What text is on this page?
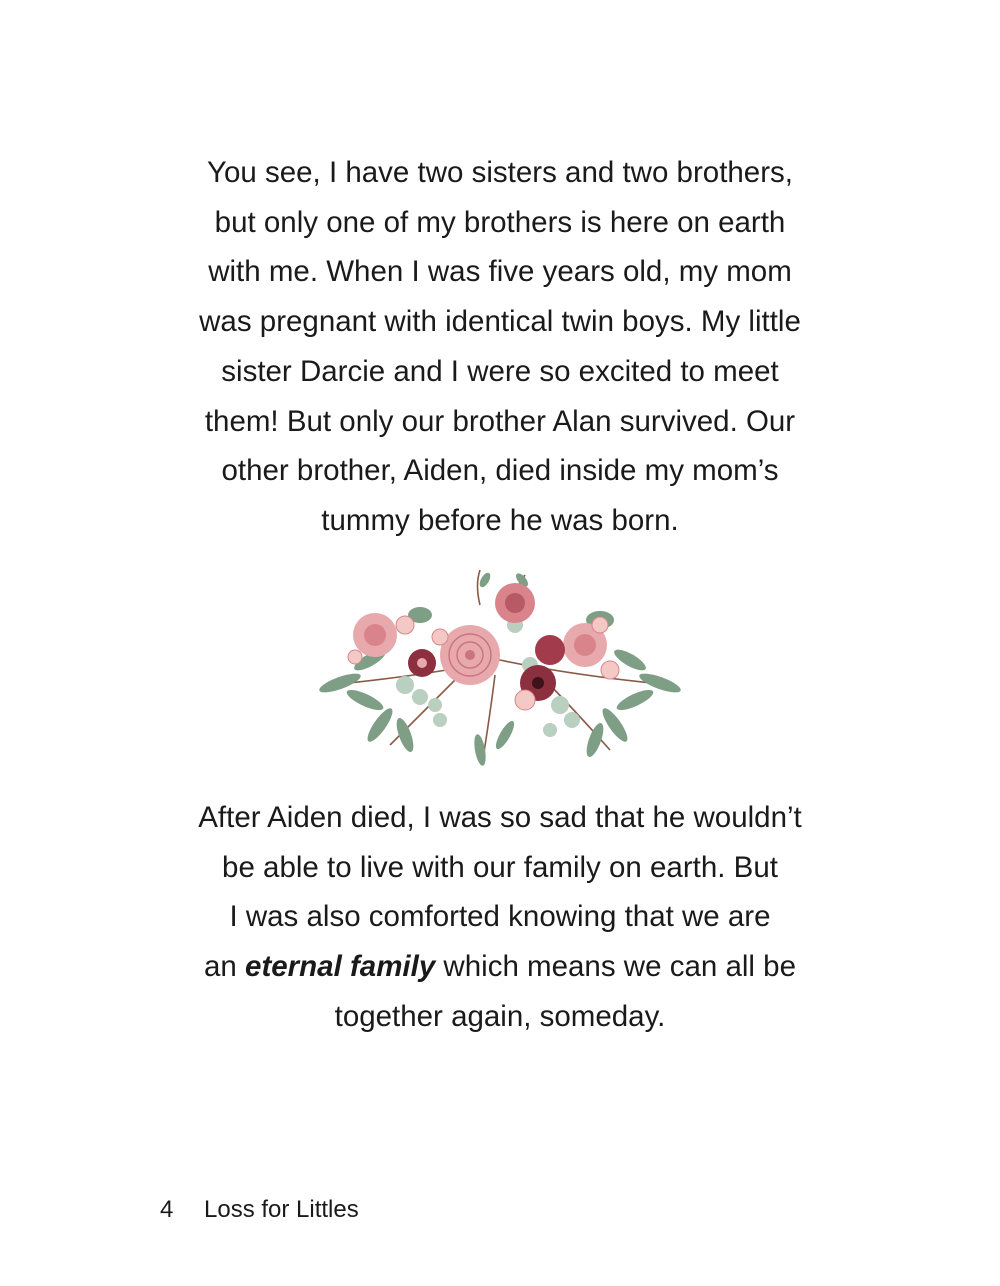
You see, I have two sisters and two brothers,
but only one of my brothers is here on earth
with me. When I was five years old, my mom
was pregnant with identical twin boys. My little
sister Darcie and I were so excited to meet
them! But only our brother Alan survived. Our
other brother, Aiden, died inside my mom’s
tummy before he was born.
After Aiden died, I was so sad that he wouldn’t
be able to live with our family on earth. But
I was also comforted knowing that we are
an eternal family which means we can all be
together again, someday.
4 Loss for Littles
